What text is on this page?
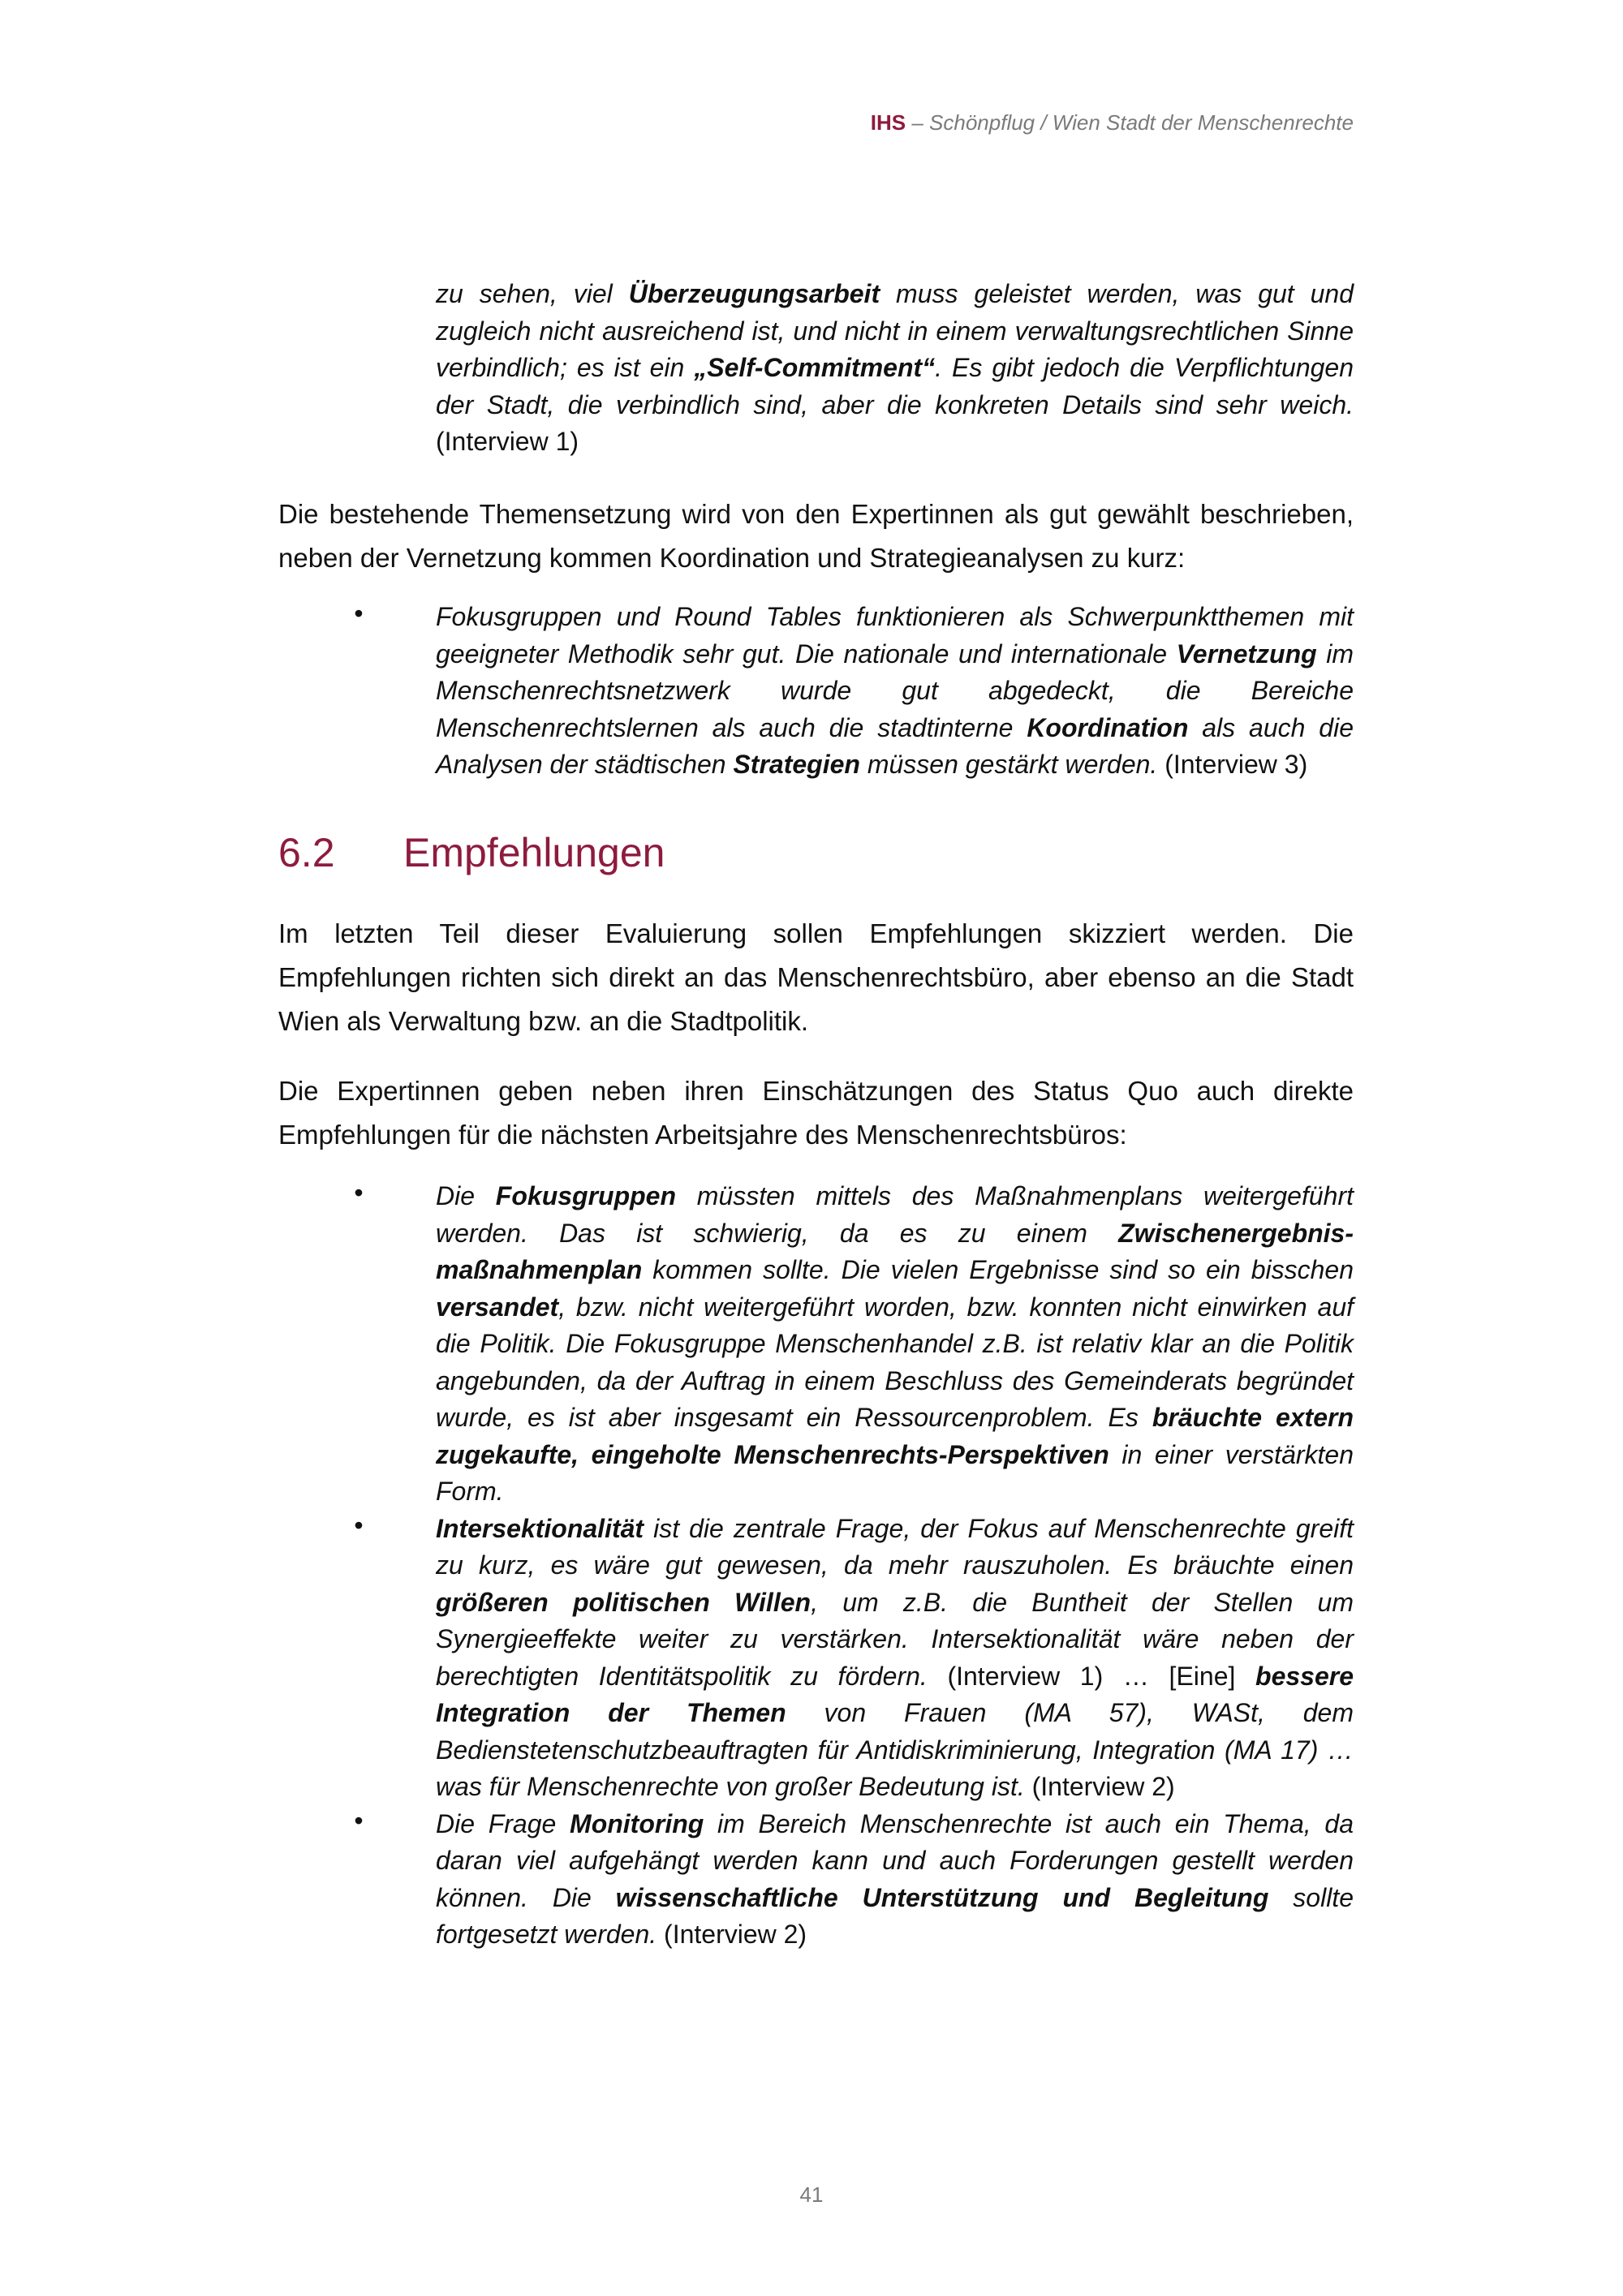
IHS – Schönpflug / Wien Stadt der Menschenrechte

zu sehen, viel Überzeugungsarbeit muss geleistet werden, was gut und zugleich nicht ausreichend ist, und nicht in einem verwaltungsrechtlichen Sinne verbindlich; es ist ein „Self-Commitment“. Es gibt jedoch die Verpflichtungen der Stadt, die verbindlich sind, aber die konkreten Details sind sehr weich. (Interview 1)

Die bestehende Themensetzung wird von den Expertinnen als gut gewählt beschrieben, neben der Vernetzung kommen Koordination und Strategieanalysen zu kurz:

•	Fokusgruppen und Round Tables funktionieren als Schwerpunktthemen mit geeigneter Methodik sehr gut. Die nationale und internationale Vernetzung im Menschenrechtsnetzwerk wurde gut abgedeckt, die Bereiche Menschenrechtslernen als auch die stadtinterne Koordination als auch die Analysen der städtischen Strategien müssen gestärkt werden. (Interview 3)

6.2 Empfehlungen

Im letzten Teil dieser Evaluierung sollen Empfehlungen skizziert werden. Die Empfehlungen richten sich direkt an das Menschenrechtsbüro, aber ebenso an die Stadt Wien als Verwaltung bzw. an die Stadtpolitik.

Die Expertinnen geben neben ihren Einschätzungen des Status Quo auch direkte Empfehlungen für die nächsten Arbeitsjahre des Menschenrechtsbüros:

•	Die Fokusgruppen müssten mittels des Maßnahmenplans weitergeführt werden. Das ist schwierig, da es zu einem Zwischenergebnis-maßnahmenplan kommen sollte. Die vielen Ergebnisse sind so ein bisschen versandet, bzw. nicht weitergeführt worden, bzw. konnten nicht einwirken auf die Politik. Die Fokusgruppe Menschenhandel z.B. ist relativ klar an die Politik angebunden, da der Auftrag in einem Beschluss des Gemeinderats begründet wurde, es ist aber insgesamt ein Ressourcenproblem. Es bräuchte extern zugekaufte, eingeholte Menschenrechts-Perspektiven in einer verstärkten Form.

•	Intersektionalität ist die zentrale Frage, der Fokus auf Menschenrechte greift zu kurz, es wäre gut gewesen, da mehr rauszuholen. Es bräuchte einen größeren politischen Willen, um z.B. die Buntheit der Stellen um Synergieeffekte weiter zu verstärken. Intersektionalität wäre neben der berechtigten Identitätspolitik zu fördern. (Interview 1) … [Eine] bessere Integration der Themen von Frauen (MA 57), WASt, dem Bedienstetenschutzbeauftragten für Antidiskriminierung, Integration (MA 17) … was für Menschenrechte von großer Bedeutung ist. (Interview 2)

•	Die Frage Monitoring im Bereich Menschenrechte ist auch ein Thema, da daran viel aufgehängt werden kann und auch Forderungen gestellt werden können. Die wissenschaftliche Unterstützung und Begleitung sollte fortgesetzt werden. (Interview 2)

41
